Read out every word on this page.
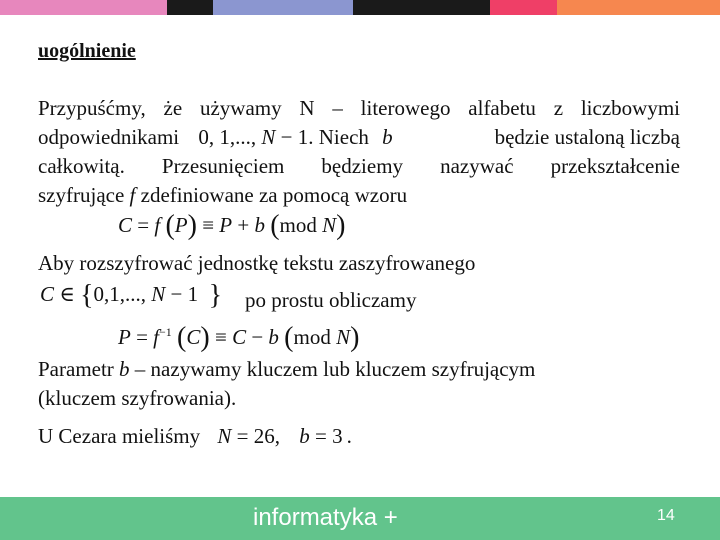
uogólnienie
Przypuśćmy, że używamy N – literowego alfabetu z liczbowymi
odpowiednikami 0, 1,..., N − 1. Niech b	będzie ustaloną liczbą
całkowitą. Przesunięciem będziemy nazywać przekształcenie
szyfrujące f zdefiniowane za pomocą wzoru
C = f (P) ≡ P + b (mod N)
Aby rozszyfrować jednostkę tekstu zaszyfrowanego
C ∈ {0,1,..., N − 1 } po prostu obliczamy
$P = f^{-1}$ (C) ≡ C − b (mod N)
Parametr b – nazywamy kluczem lub kluczem szyfrującym
(kluczem szyfrowania).
U Cezara mieliśmy N = 26, b = 3 .
informatyka +	14
